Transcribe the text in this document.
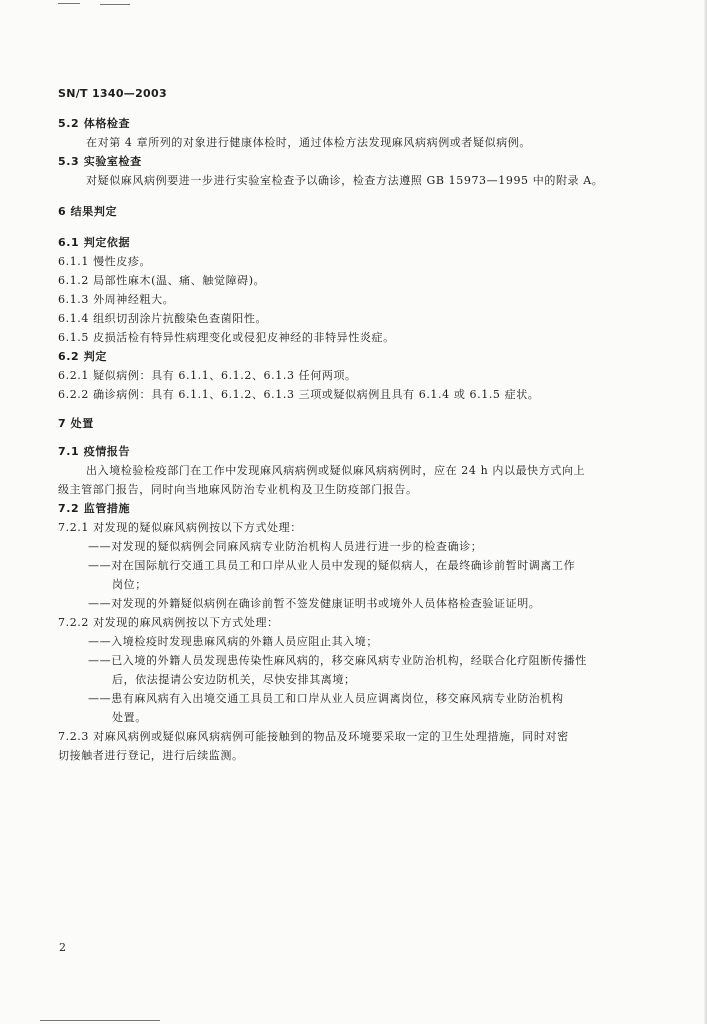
SN/T 1340—2003
5.2 体格检查
在对第 4 章所列的对象进行健康体检时，通过体检方法发现麻风病病例或者疑似病例。
5.3 实验室检查
对疑似麻风病例要进一步进行实验室检查予以确诊，检查方法遵照 GB 15973—1995 中的附录 A。
6 结果判定
6.1 判定依据
6.1.1 慢性皮疹。
6.1.2 局部性麻木(温、痛、触觉障碍)。
6.1.3 外周神经粗大。
6.1.4 组织切刮涂片抗酸染色查菌阳性。
6.1.5 皮损活检有特异性病理变化或侵犯皮神经的非特异性炎症。
6.2 判定
6.2.1 疑似病例：具有 6.1.1、6.1.2、6.1.3 任何两项。
6.2.2 确诊病例：具有 6.1.1、6.1.2、6.1.3 三项或疑似病例且具有 6.1.4 或 6.1.5 症状。
7 处置
7.1 疫情报告
出入境检验检疫部门在工作中发现麻风病病例或疑似麻风病病例时，应在 24 h 内以最快方式向上
级主管部门报告，同时向当地麻风防治专业机构及卫生防疫部门报告。
7.2 监管措施
7.2.1 对发现的疑似麻风病例按以下方式处理：
——对发现的疑似病例会同麻风病专业防治机构人员进行进一步的检查确诊；
——对在国际航行交通工具员工和口岸从业人员中发现的疑似病人，在最终确诊前暂时调离工作
岗位；
——对发现的外籍疑似病例在确诊前暂不签发健康证明书或境外人员体格检查验证证明。
7.2.2 对发现的麻风病例按以下方式处理：
——入境检疫时发现患麻风病的外籍人员应阻止其入境；
——已入境的外籍人员发现患传染性麻风病的，移交麻风病专业防治机构，经联合化疗阻断传播性
后，依法提请公安边防机关，尽快安排其离境；
——患有麻风病有入出境交通工具员工和口岸从业人员应调离岗位，移交麻风病专业防治机构
处置。
7.2.3 对麻风病例或疑似麻风病病例可能接触到的物品及环境要采取一定的卫生处理措施，同时对密
切接触者进行登记，进行后续监测。
2
